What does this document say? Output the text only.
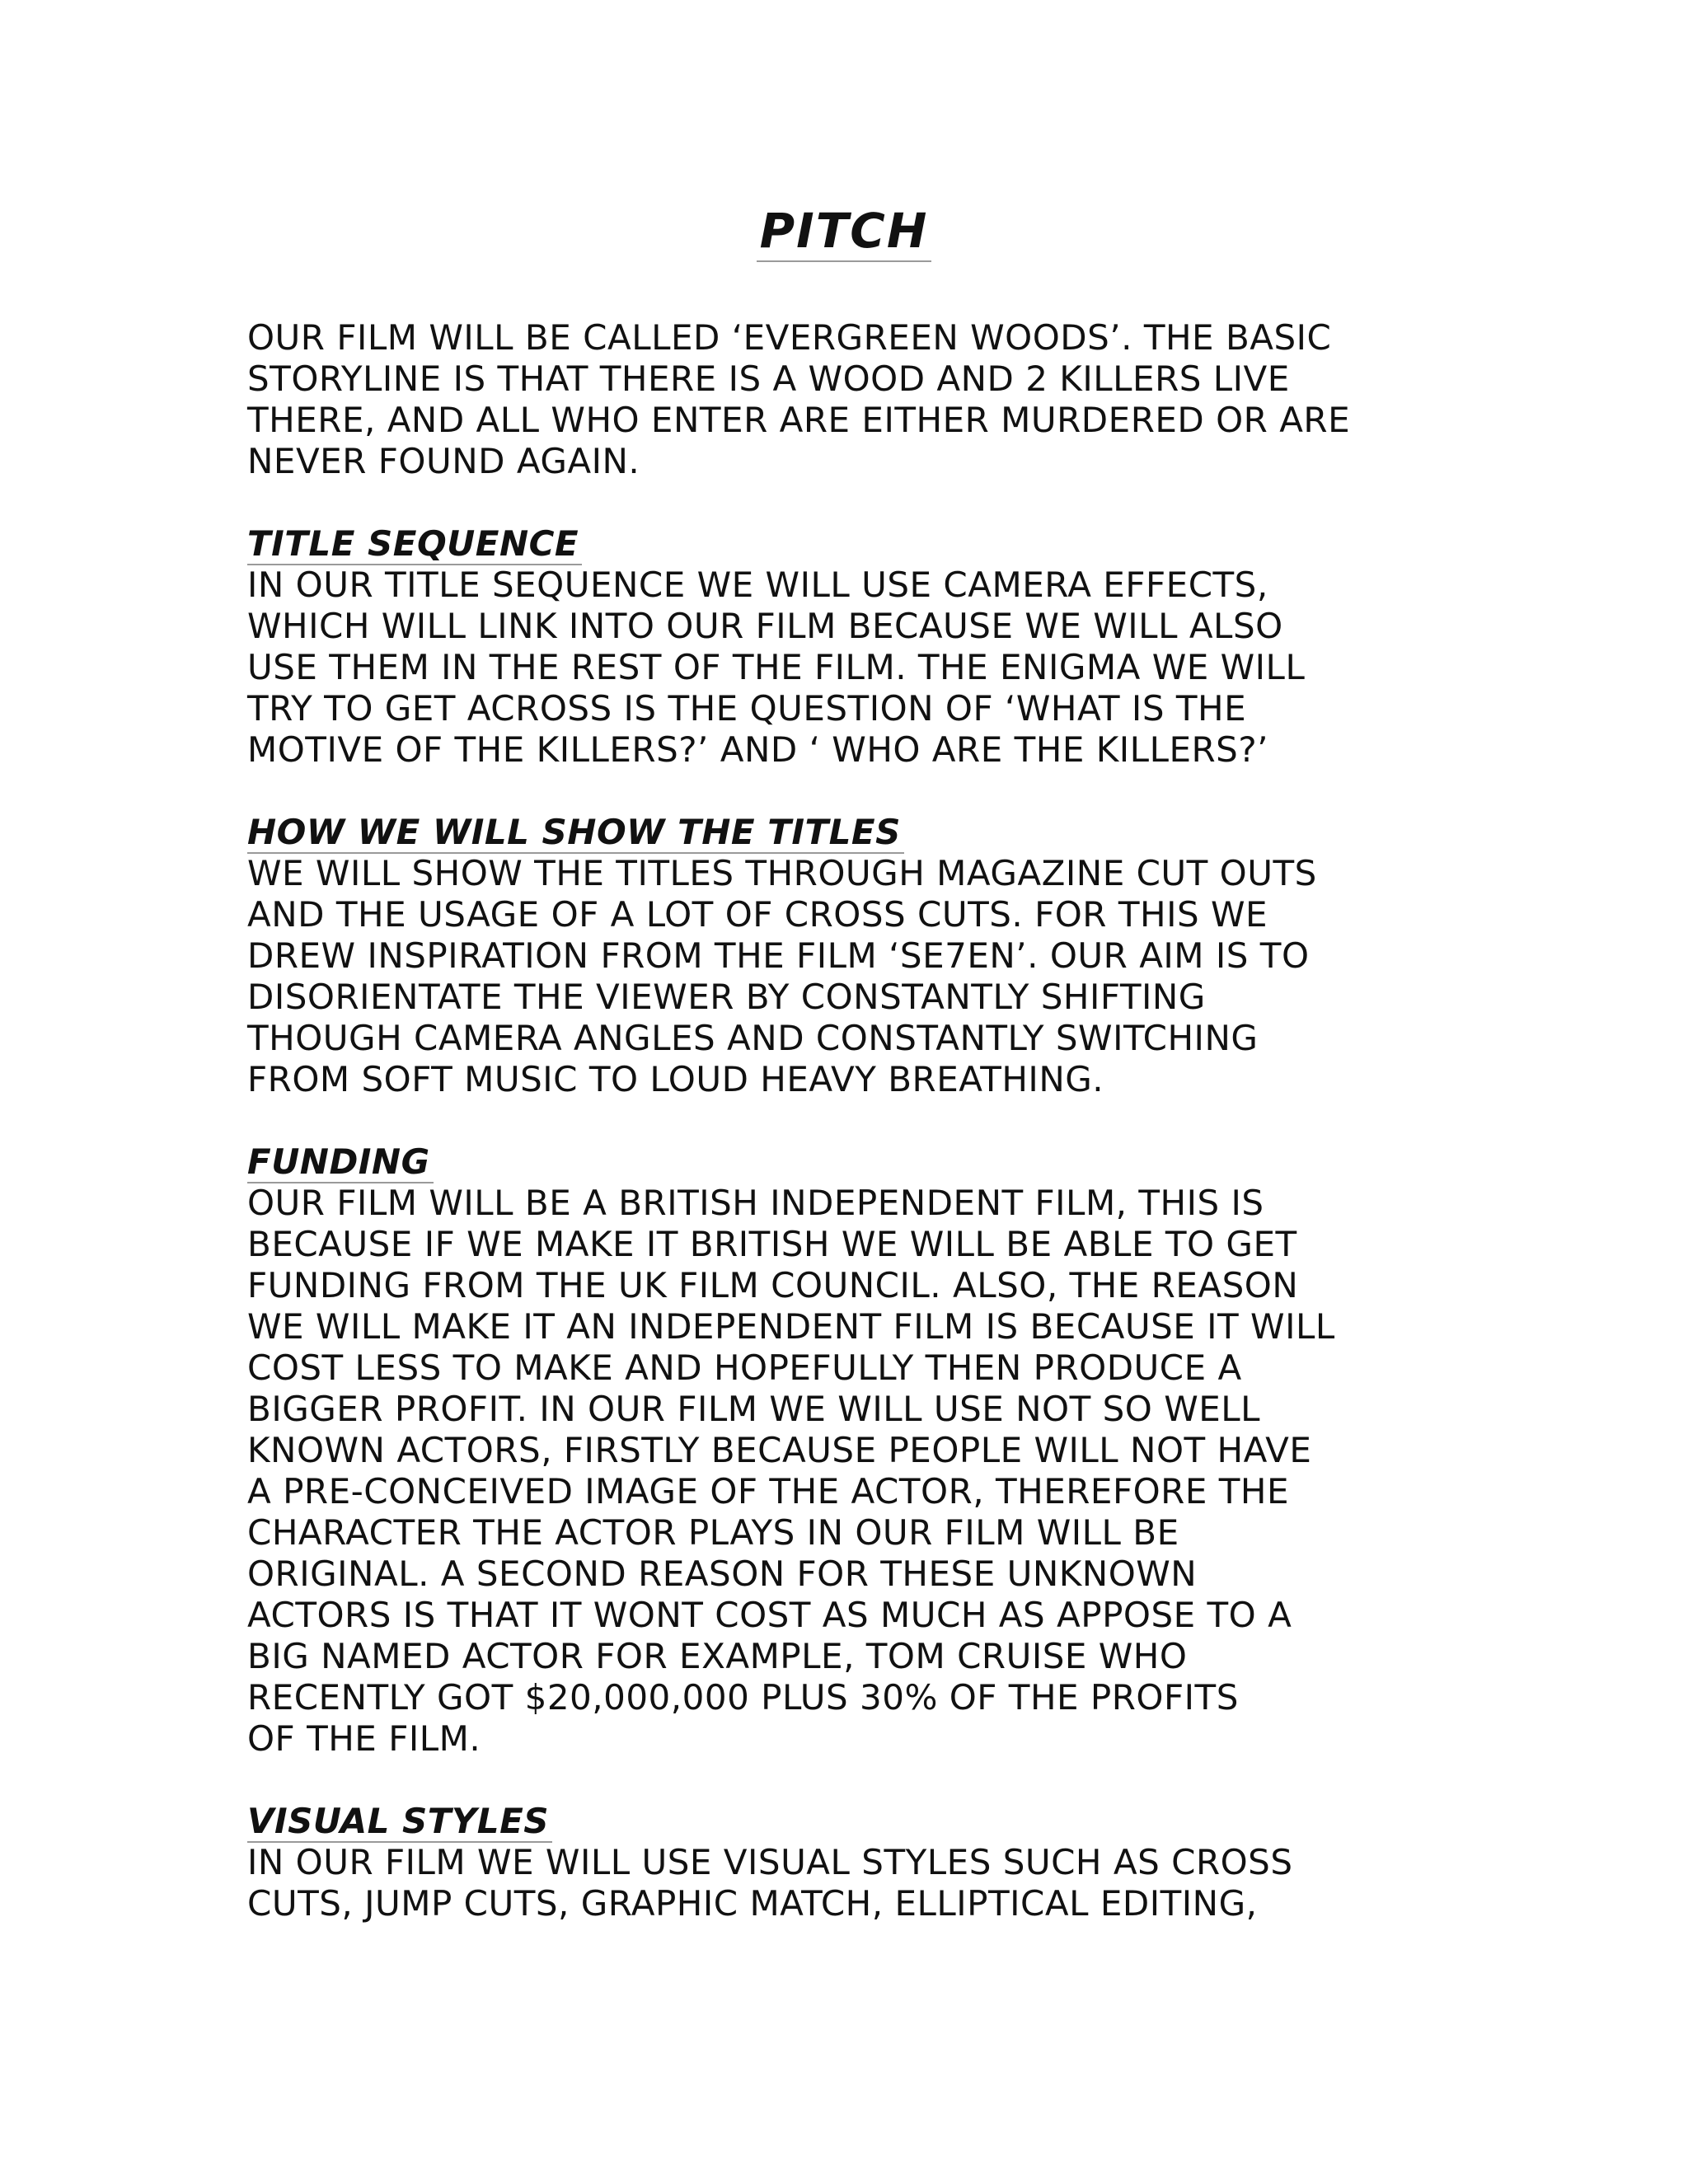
PITCH

OUR FILM WILL BE CALLED ‘EVERGREEN WOODS’. THE BASIC
STORYLINE IS THAT THERE IS A WOOD AND 2 KILLERS LIVE
THERE, AND ALL WHO ENTER ARE EITHER MURDERED OR ARE
NEVER FOUND AGAIN.

TITLE SEQUENCE

IN OUR TITLE SEQUENCE WE WILL USE CAMERA EFFECTS,
WHICH WILL LINK INTO OUR FILM BECAUSE WE WILL ALSO
USE THEM IN THE REST OF THE FILM. THE ENIGMA WE WILL
TRY TO GET ACROSS IS THE QUESTION OF ‘WHAT IS THE
MOTIVE OF THE KILLERS?’ AND ‘ WHO ARE THE KILLERS?’

HOW WE WILL SHOW THE TITLES

WE WILL SHOW THE TITLES THROUGH MAGAZINE CUT OUTS
AND THE USAGE OF A LOT OF CROSS CUTS. FOR THIS WE
DREW INSPIRATION FROM THE FILM ‘SE7EN’. OUR AIM IS TO
DISORIENTATE THE VIEWER BY CONSTANTLY SHIFTING
THOUGH CAMERA ANGLES AND CONSTANTLY SWITCHING
FROM SOFT MUSIC TO LOUD HEAVY BREATHING.

FUNDING

OUR FILM WILL BE A BRITISH INDEPENDENT FILM, THIS IS
BECAUSE IF WE MAKE IT BRITISH WE WILL BE ABLE TO GET
FUNDING FROM THE UK FILM COUNCIL. ALSO, THE REASON
WE WILL MAKE IT AN INDEPENDENT FILM IS BECAUSE IT WILL
COST LESS TO MAKE AND HOPEFULLY THEN PRODUCE A
BIGGER PROFIT. IN OUR FILM WE WILL USE NOT SO WELL
KNOWN ACTORS, FIRSTLY BECAUSE PEOPLE WILL NOT HAVE
A PRE-CONCEIVED IMAGE OF THE ACTOR, THEREFORE THE
CHARACTER THE ACTOR PLAYS IN OUR FILM WILL BE
ORIGINAL. A SECOND REASON FOR THESE UNKNOWN
ACTORS IS THAT IT WONT COST AS MUCH AS APPOSE TO A
BIG NAMED ACTOR FOR EXAMPLE, TOM CRUISE WHO
RECENTLY GOT $20,000,000 PLUS 30% OF THE PROFITS
OF THE FILM.

VISUAL STYLES

IN OUR FILM WE WILL USE VISUAL STYLES SUCH AS CROSS
CUTS, JUMP CUTS, GRAPHIC MATCH, ELLIPTICAL EDITING,
